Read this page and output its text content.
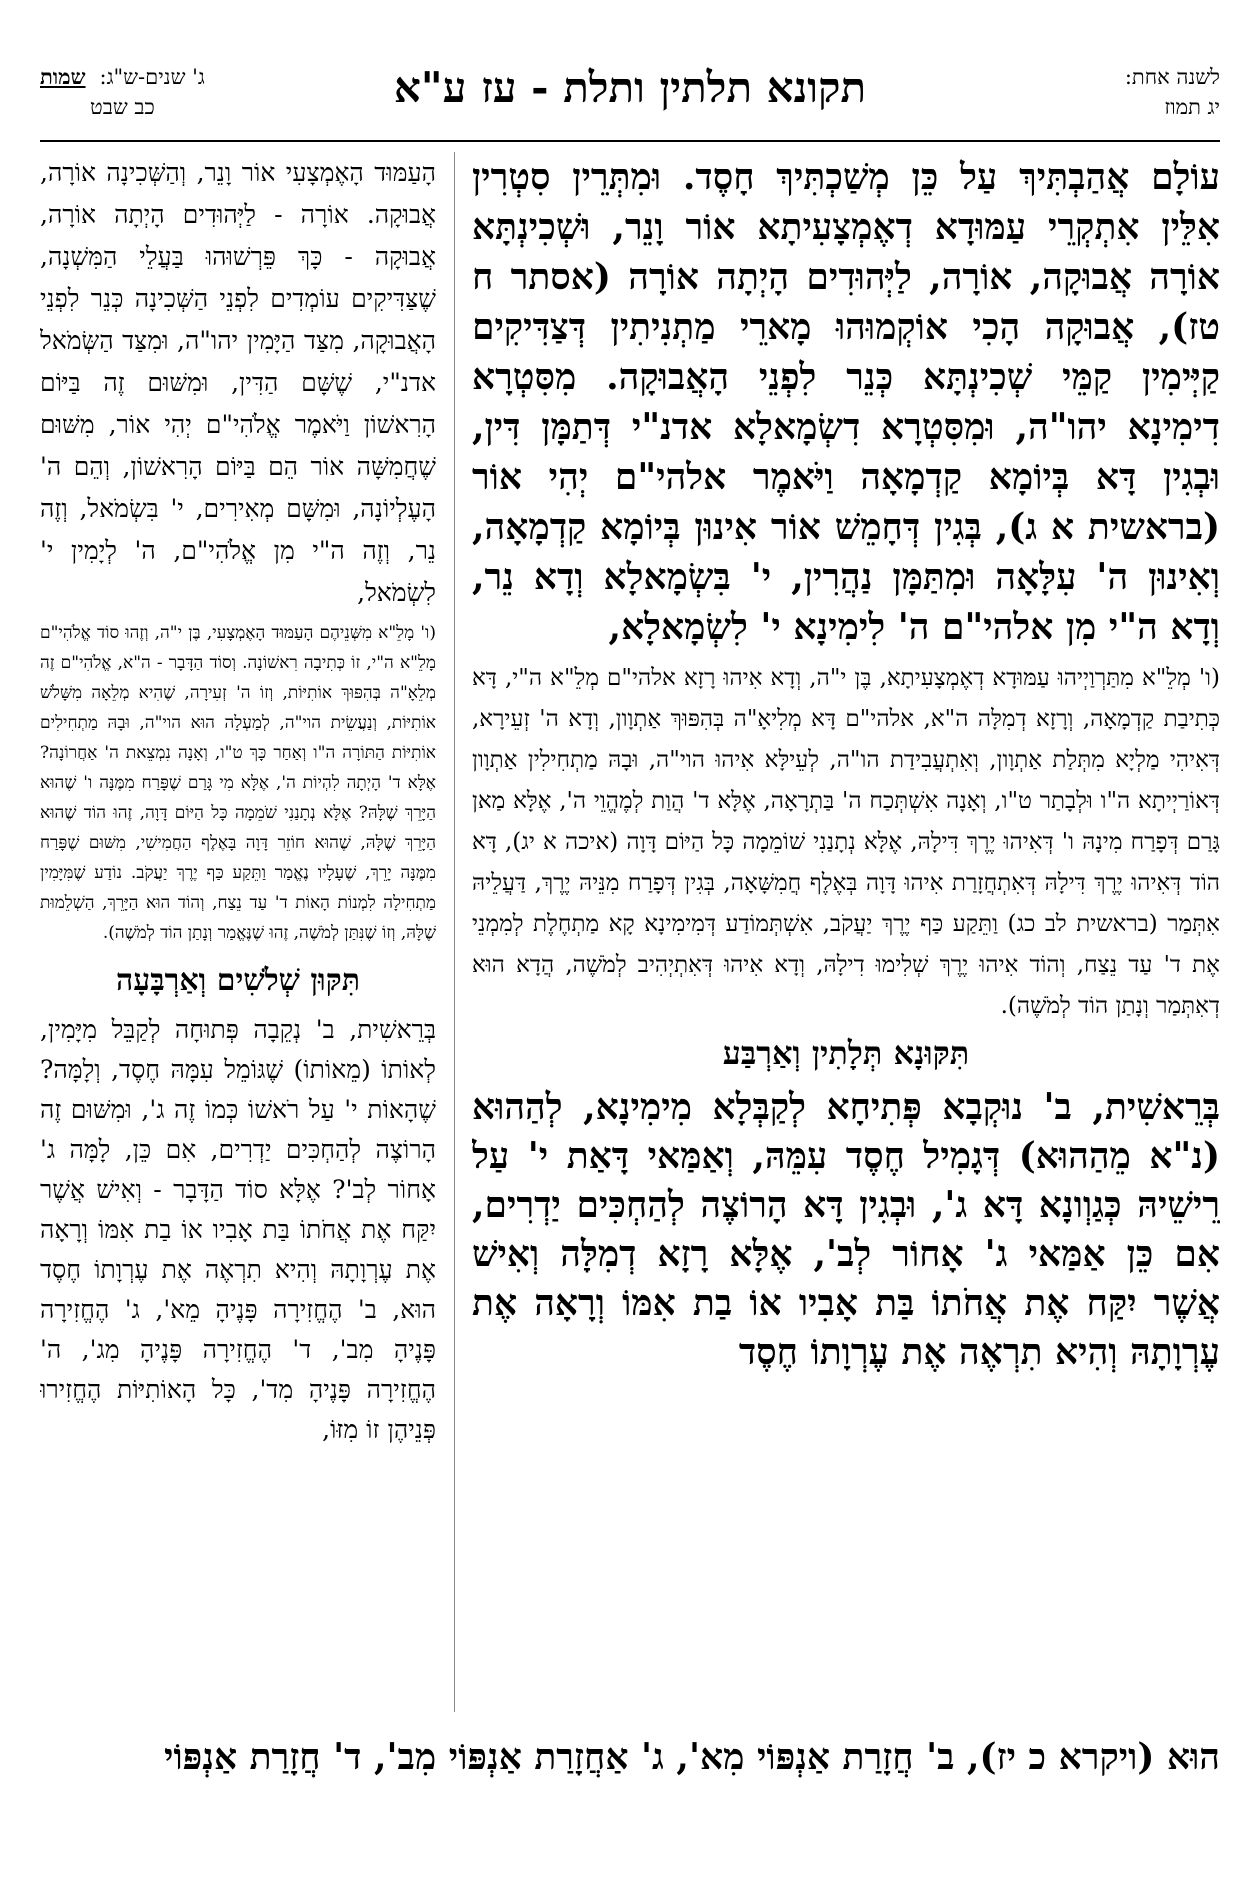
לשנה אחת:
יג תמוז
תקונא תלתין ותלת - עז ע"א
ג' שנים-ש"ג:
שמות
כב שבט

עוֹלָם אֲהַבְתִּיךְ עַל כֵּן מְשַׁכְתִּיךְ חָסֶד. וּמִתְּרֵין סִטְרִין אִלֵּין אִתְקְרֵי עַמּוּדָא דְאֶמְצָעִיתָא אוֹר וָנֵר, וּשְׁכִינְתָּא אוֹרָה אֲבוּקָה, אוֹרָה, לַיְּהוּדִים הָיְתָה אוֹרָה (אסתר ח טז), אֲבוּקָה הָכִי אוֹקְמוּהוּ מָארֵי מַתְנִיתִין דְּצַדִּיקִים קַיְּימִין קַמֵּי שְׁכִינְתָּא כְּנֵר לִפְנֵי הָאֲבוּקָה. מִסִּטְרָא דִימִינָא יהו"ה, וּמִסִּטְרָא דִשְׂמָאלָא אדנ"י דְּתַמָּן דִּין, וּבְגִין דָּא בְּיוֹמָא קַדְמָאָה וַיֹּאמֶר אלהי"ם יְהִי אוֹר (בראשית א ג), בְּגִין דְּחָמֵשׁ אוֹר אִינוּן בְּיוֹמָא קַדְמָאָה, וְאִינוּן ה' עִלָּאָה וּמִתַּמָּן נַהֲרִין, י' בִּשְׂמָאלָא וְדָא נֵר, וְדָא ה"י מִן אלהי"ם ה' לִימִינָא י' לִשְׂמָאלָא,

(ו' מְלֵ"א מִתַּרְוַיְיהוּ עַמּוּדָא דְאֶמְצָעִיתָא, בֶּן י"ה, וְדָא אִיהוּ רָזָא אלהי"ם מְלֵ"א ה"י, דָּא כְּתִיבַת קַדְמָאָה, וְרָזָא דְמִלָּה ה"א, אלהי"ם דָּא מְלִיאָ"ה בְּהִפּוּךְ אַתְוָון, וְדָא ה' זְעֵירָא, דְּאִיהִי מַלְיָא מִתְּלַת אַתְוָון, וְאִתְעֲבִידַת הו"ה, לְעֵילָּא אִיהוּ הוי"ה, וּבָהּ מַתְחִילִין אַתְוָון דְּאוֹרַיְיתָא ה"ו וּלְבָתַר ט"ו, וְאָנָה אִשְׁתְּכַח ה' בַּתְרָאָה, אֶלָּא ד' הֲוַת לְמֶהֱוֵי ה', אֶלָּא מַאן גָּרַם דְּפָרַח מִינָהּ ו' דְּאִיהוּ יֶרֶךְ דִּילָהּ, אֶלָּא נְתָנַנִי שׁוֹמֵמָה כָּל הַיּוֹם דָּוָה (איכה א יג), דָּא הוֹד דְּאִיהוּ יֶרֶךְ דִּילָהּ דְּאִתְחֲזָרַת אִיהוּ דָּוָה בְּאֶלֶף חֲמִשָּׁאָה, בְּגִין דְּפָרַח מִנֵּיהּ יֶרֶךְ, דַּעֲלֵיהּ אִתְּמַר (בראשית לב כג) וַתֵּקַע כַּף יֶרֶךְ יַעֲקֹב, אִשְׁתְּמוֹדַע דְּמִימִינָא קָא מַתְחֶלֶת לְמִמְנֵי אֶת ד' עַד נֵצַח, וְהוֹד אִיהוּ יֶרֶךְ שְׁלִימוּ דִילָהּ, וְדָא אִיהוּ דְּאִתְיְהִיב לְמֹשֶׁה, הֲדָא הוּא דְאִתְּמַר וְנָתַן הוֹד לְמֹשֶׁה).

תִּקּוּנָא תְּלָתִין וְאַרְבַּע

בְּרֵאשִׁית, ב' נוּקְבָא פְּתִיחָא לְקַבְּלָא מִימִינָא, לְהַהוּא (נ"א מֵהַהוּא) דְּגָמִיל חֶסֶד עִמֵּהּ, וְאַמַּאי דָּאַת י' עַל רֵישֵׁיהּ כְּגַוְונָא דָּא ג', וּבְגִין דָּא הָרוֹצֶה לְהַחְכִּים יַדְרִים, אִם כֵּן אַמַּאי ג' אָחוֹר לְב', אֶלָּא רָזָא דְמִלָּה וְאִישׁ אֲשֶׁר יִקַּח אֶת אֲחֹתוֹ בַּת אָבִיו אוֹ בַת אִמּוֹ וְרָאָה אֶת עֶרְוָתָהּ וְהִיא תִרְאֶה אֶת עֶרְוָתוֹ חֶסֶד

הָעַמּוּד הָאֶמְצָעִי אוֹר וָנֵר, וְהַשְּׁכִינָה אוֹרָה, אֲבוּקָה. אוֹרָה - לַיְּהוּדִים הָיְתָה אוֹרָה, אֲבוּקָה - כָּךְ פֵּרְשׁוּהוּ בַּעֲלֵי הַמִּשְׁנָה, שֶׁצַּדִּיקִים עוֹמְדִים לִפְנֵי הַשְּׁכִינָה כְּנֵר לִפְנֵי הָאֲבוּקָה, מִצַּד הַיָּמִין יהו"ה, וּמִצַּד הַשְּׂמֹאל אדנ"י, שֶׁשָּׁם הַדִּין, וּמִשּׁוּם זֶה בַּיּוֹם הָרִאשׁוֹן וַיֹּאמֶר אֱלֹהִי"ם יְהִי אוֹר, מִשּׁוּם שֶׁחֲמִשָּׁה אוֹר הֵם בַּיּוֹם הָרִאשׁוֹן, וְהֵם ה' הָעֶלְיוֹנָה, וּמִשָּׁם מְאִירִים, י' בִּשְׂמֹאל, וְזֶה נֵר, וְזֶה ה"י מִן אֱלֹהִי"ם, ה' לְיָמִין י' לִשְׂמֹאל,

(ו' מָלֵ"א מִשְּׁנֵיהֶם הָעַמּוּד הָאֶמְצָעִי, בֶּן י"ה, וְזֶהוּ סוֹד אֱלֹהִי"ם מָלֵ"א ה"י, זוֹ כְּתִיבָה רִאשׁוֹנָה. וְסוֹד הַדָּבָר - ה"א, אֱלֹהִי"ם זֶה מְלֵאָ"ה בְּהִפּוּךְ אוֹתִיּוֹת, וְזוֹ ה' זְעִירָה, שֶׁהִיא מְלֵאָה מִשָּׁלֹשׁ אוֹתִיּוֹת, וְנַעֲשֵׂית הוי"ה, לְמַעְלָה הוּא הוי"ה, וּבָהּ מַתְחִילִים אוֹתִיּוֹת הַתּוֹרָה ה"ו וְאַחַר כָּךְ ט"ו, וְאָנָה נִמְצֵאת ה' אַחֲרוֹנָה? אֶלָּא ד' הָיְתָה לִהְיוֹת ה', אֶלָּא מִי גָּרַם שֶׁפָּרַח מִמֶּנָּה ו' שֶׁהוּא הַיָּרֵךְ שֶׁלָּהּ? אֶלָּא נְתָנַנִי שֹׁמֵמָה כָּל הַיּוֹם דָּוָה, זֶהוּ הוֹד שֶׁהוּא הַיָּרֵךְ שֶׁלָּהּ, שֶׁהוּא חוֹזֵר דָּוָה בָּאֶלֶף הַחֲמִישִׁי, מִשּׁוּם שֶׁפָּרַח מִמֶּנָּה יָרֵךְ, שֶׁעָלָיו נֶאֱמַר וַתֵּקַע כַּף יֶרֶךְ יַעֲקֹב. נוֹדַע שֶׁמִּיָּמִין מַתְחִילָה לִמְנוֹת הָאוֹת ד' עַד נֵצַח, וְהוֹד הוּא הַיָּרֵךְ, הַשְׁלֵמוּת שֶׁלָּהּ, וְזוֹ שֶׁנִּתַּן לְמֹשֶׁה, זֶהוּ שֶׁנֶּאֱמַר וְנָתַן הוֹד לְמֹשֶׁה).

תִּקּוּן שְׁלֹשִׁים וְאַרְבָּעָה

בְּרֵאשִׁית, ב' נְקֵבָה פְּתוּחָה לְקַבֵּל מִיָּמִין, לְאוֹתוֹ (מֵאוֹתוֹ) שֶׁגּוֹמֵל עִמָּהּ חֶסֶד, וְלָמָּה? שֶׁהָאוֹת י' עַל רֹאשׁוֹ כְּמוֹ זֶה ג', וּמִשּׁוּם זֶה הָרוֹצֶה לְהַחְכִּים יַדְרִים, אִם כֵּן, לָמָּה ג' אָחוֹר לְב'? אֶלָּא סוֹד הַדָּבָר - וְאִישׁ אֲשֶׁר יִקַּח אֶת אֲחֹתוֹ בַּת אָבִיו אוֹ בַת אִמּוֹ וְרָאָה אֶת עֶרְוָתָהּ וְהִיא תִרְאֶה אֶת עֶרְוָתוֹ חֶסֶד הוּא, ב' הֶחֱזִירָה פָּנֶיהָ מֵא', ג' הֶחֱזִירָה פָּנֶיהָ מִב', ד' הֶחֱזִירָה פָּנֶיהָ מִג', ה' הֶחֱזִירָה פָּנֶיהָ מִד', כָּל הָאוֹתִיּוֹת הֶחֱזִירוּ פְּנֵיהֶן זוֹ מִזּוֹ,

הוּא (ויקרא כ יז), ב' חֲזָרַת אַנְפּוֹי מִא', ג' אַחֲזָרַת אַנְפּוֹי מִב', ד' חֲזָרַת אַנְפּוֹי
